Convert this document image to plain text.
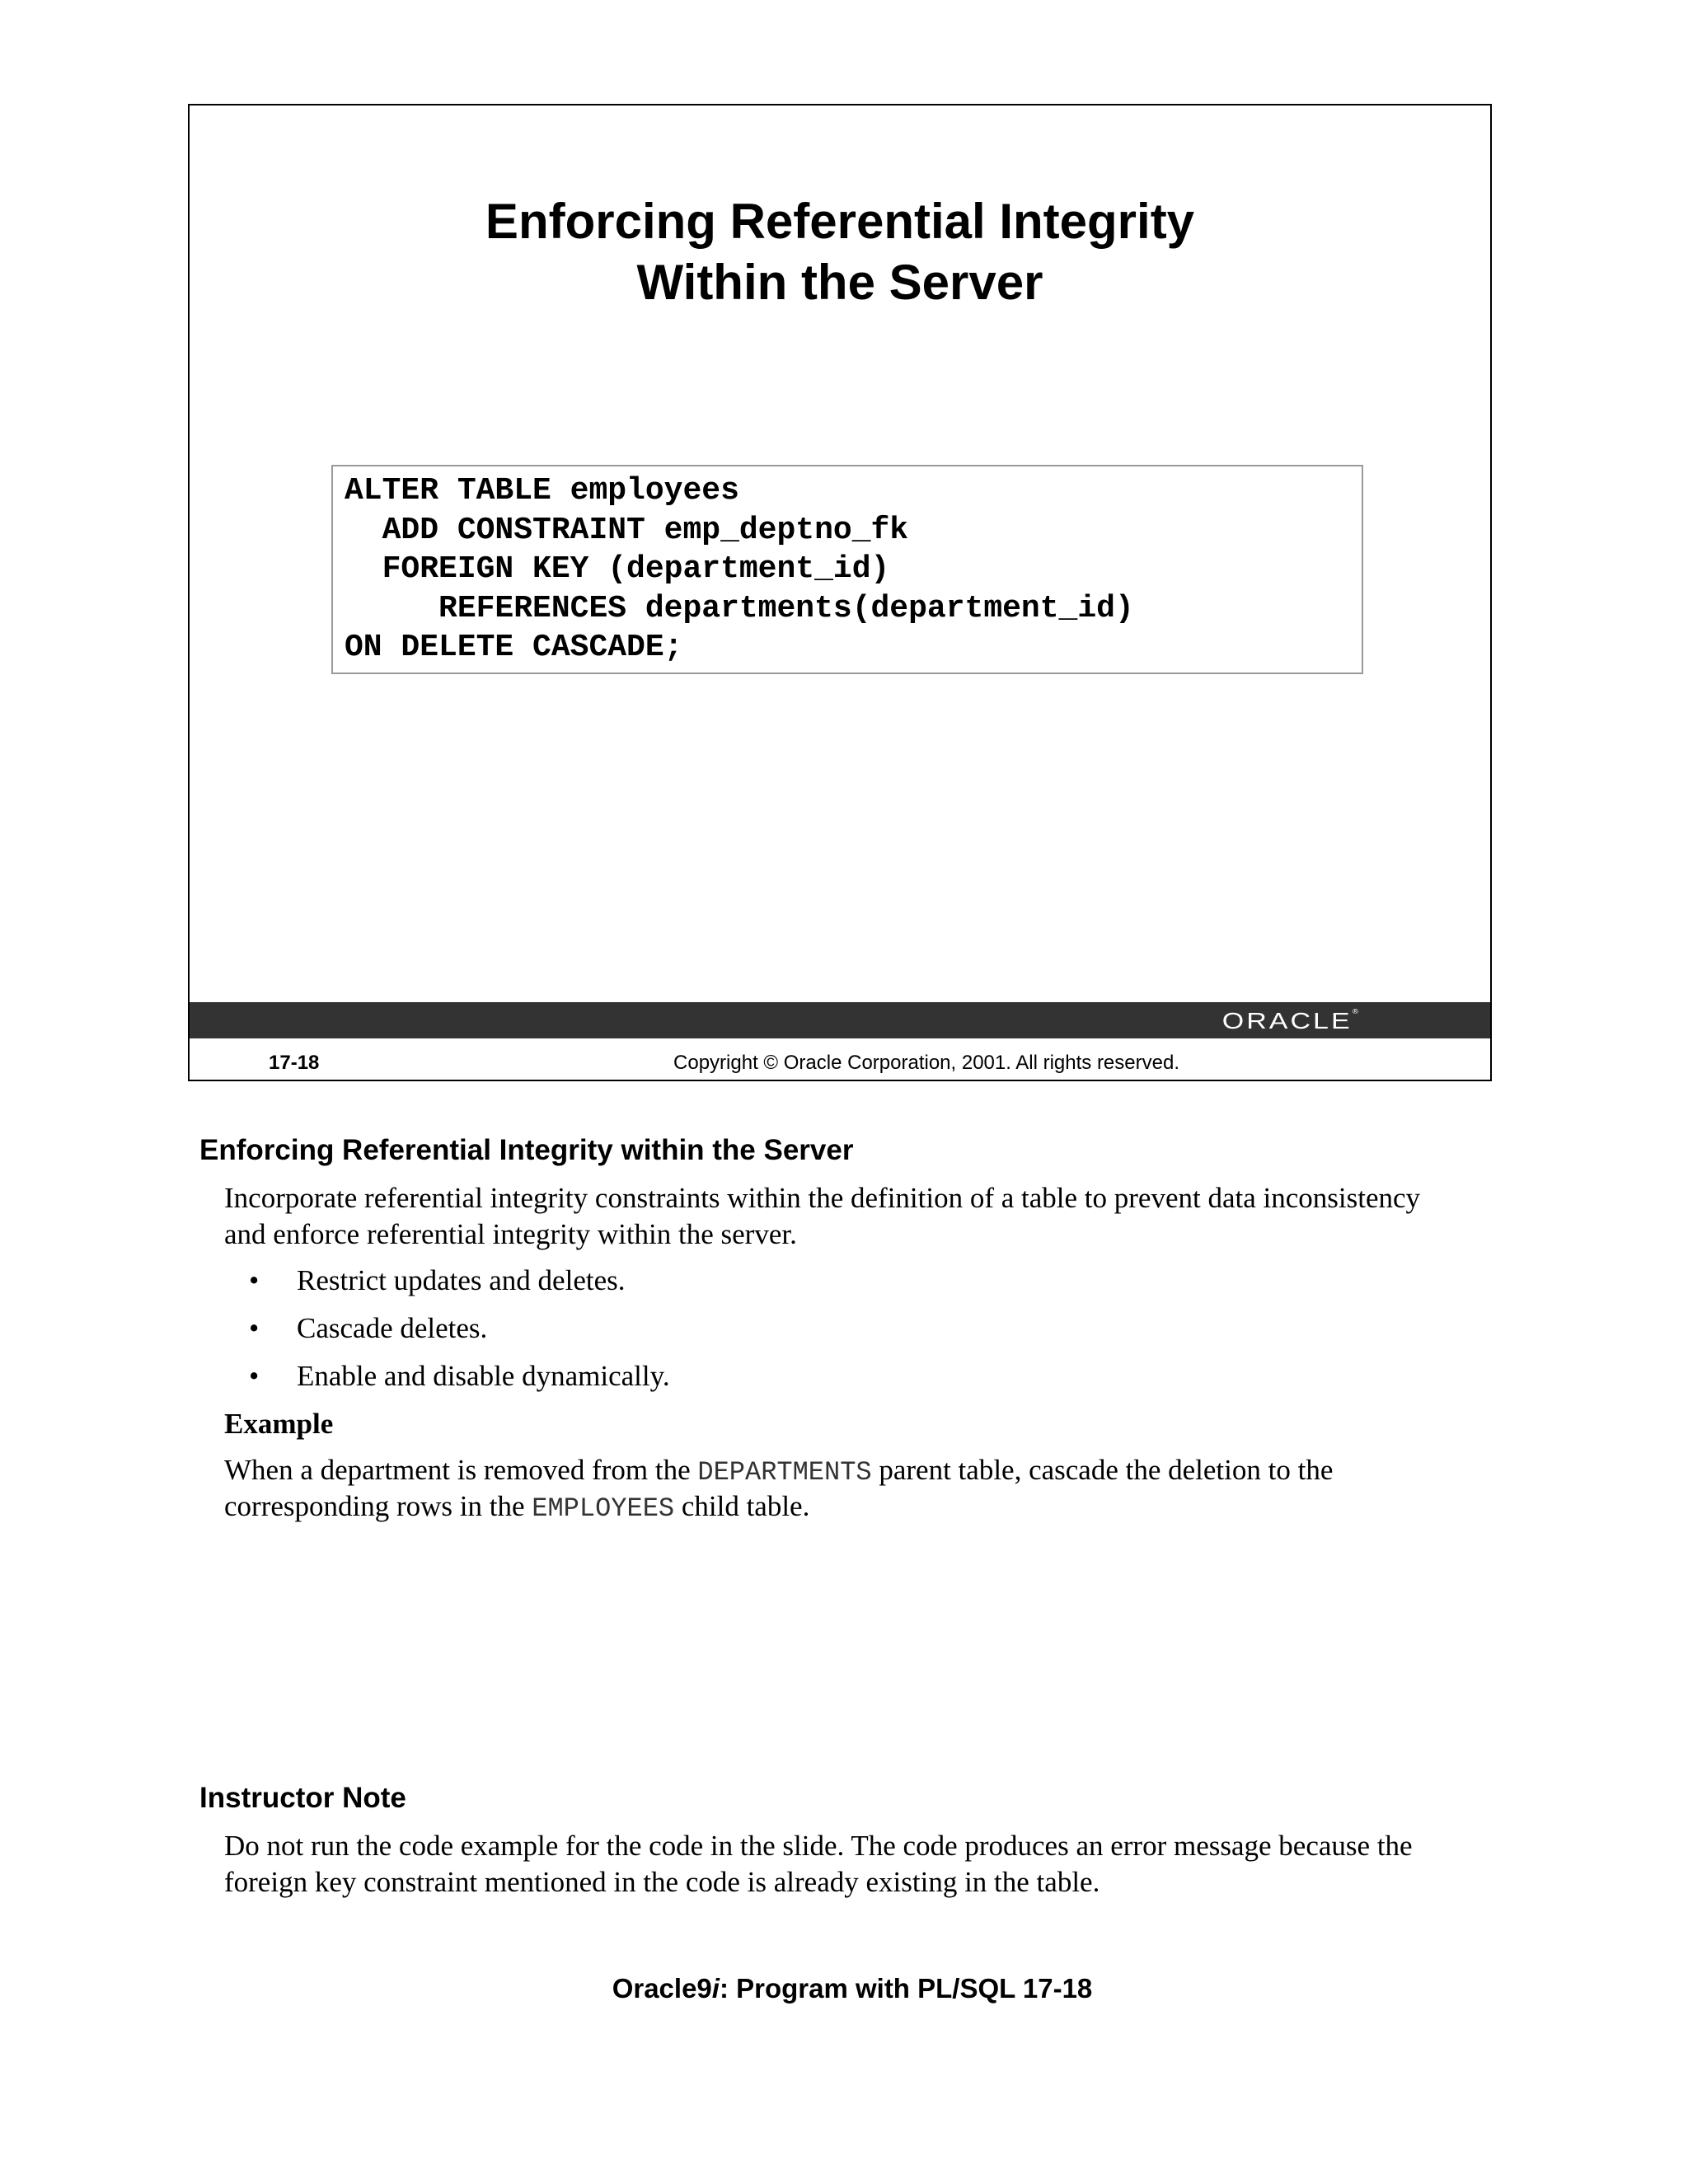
Enforcing Referential Integrity
Within the Server
ALTER TABLE employees
ADD CONSTRAINT emp_deptno_fk
FOREIGN KEY (department_id)
REFERENCES departments(department_id)
ON DELETE CASCADE;
ORACLE®
17-18	Copyright © Oracle Corporation, 2001. All rights reserved.
Enforcing Referential Integrity within the Server
Incorporate referential integrity constraints within the definition of a table to prevent data inconsistency
and enforce referential integrity within the server.
• Restrict updates and deletes.
• Cascade deletes.
• Enable and disable dynamically.
Example
When a department is removed from the DEPARTMENTS parent table, cascade the deletion to the
corresponding rows in the EMPLOYEES child table.
Instructor Note
Do not run the code example for the code in the slide. The code produces an error message because the
foreign key constraint mentioned in the code is already existing in the table.
Oracle9i: Program with PL/SQL 17-18
